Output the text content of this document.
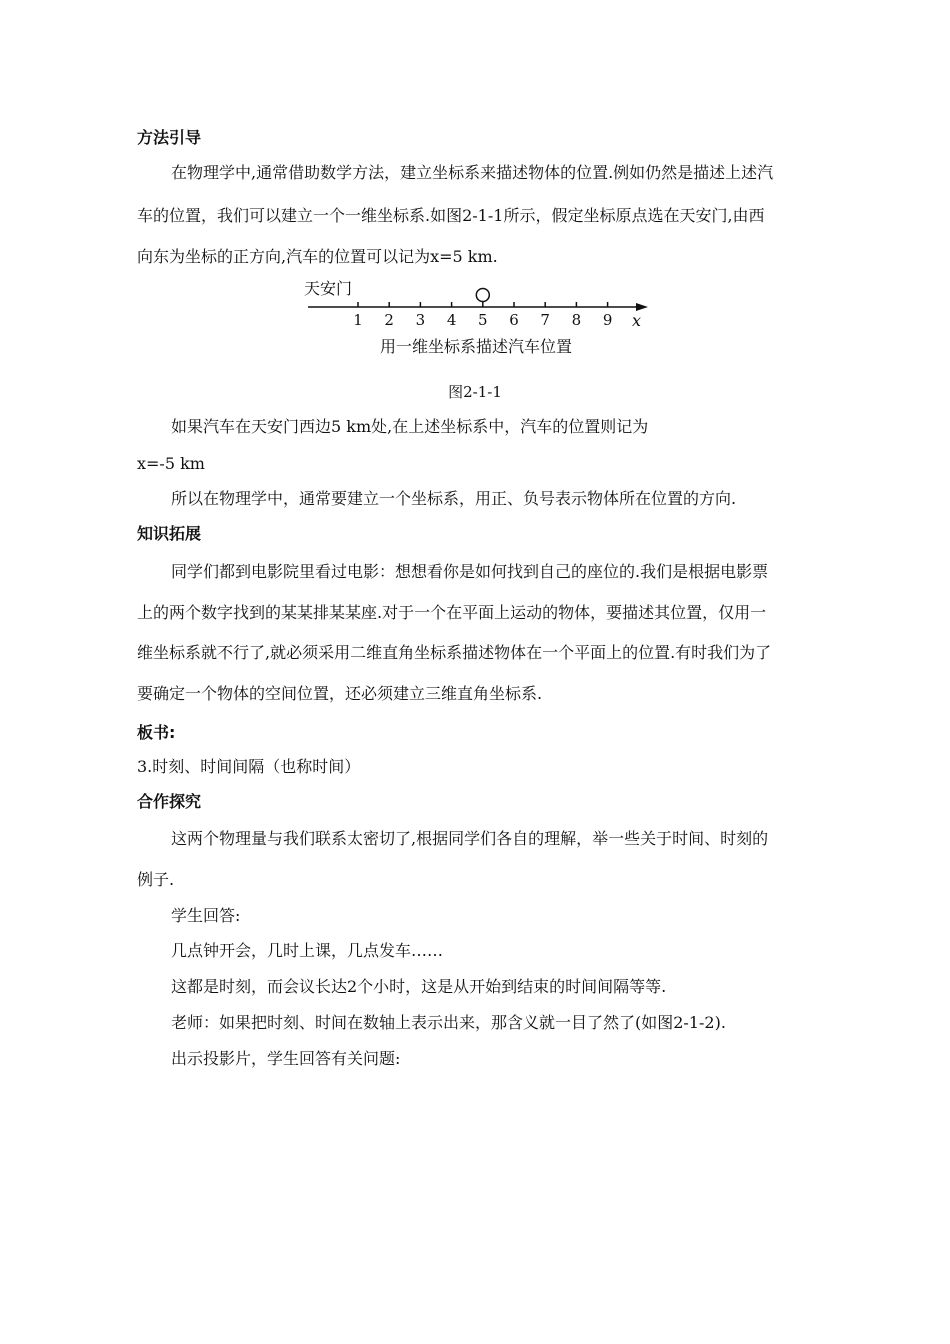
方法引导
在物理学中,通常借助数学方法，建立坐标系来描述物体的位置.例如仍然是描述上述汽
车的位置，我们可以建立一个一维坐标系.如图2-1-1所示，假定坐标原点选在天安门,由西
向东为坐标的正方向,汽车的位置可以记为x=5 km.
天安门
1 2 3 4 5 6 7 8 9 x
用一维坐标系描述汽车位置
图2-1-1
如果汽车在天安门西边5 km处,在上述坐标系中，汽车的位置则记为
x=-5 km
所以在物理学中，通常要建立一个坐标系，用正、负号表示物体所在位置的方向.
知识拓展
同学们都到电影院里看过电影：想想看你是如何找到自己的座位的.我们是根据电影票
上的两个数字找到的某某排某某座.对于一个在平面上运动的物体，要描述其位置，仅用一
维坐标系就不行了,就必须采用二维直角坐标系描述物体在一个平面上的位置.有时我们为了
要确定一个物体的空间位置，还必须建立三维直角坐标系.
板书:
3.时刻、时间间隔（也称时间）
合作探究
这两个物理量与我们联系太密切了,根据同学们各自的理解，举一些关于时间、时刻的
例子.
学生回答:
几点钟开会，几时上课，几点发车……
这都是时刻，而会议长达2个小时，这是从开始到结束的时间间隔等等.
老师：如果把时刻、时间在数轴上表示出来，那含义就一目了然了(如图2-1-2).
出示投影片，学生回答有关问题:
